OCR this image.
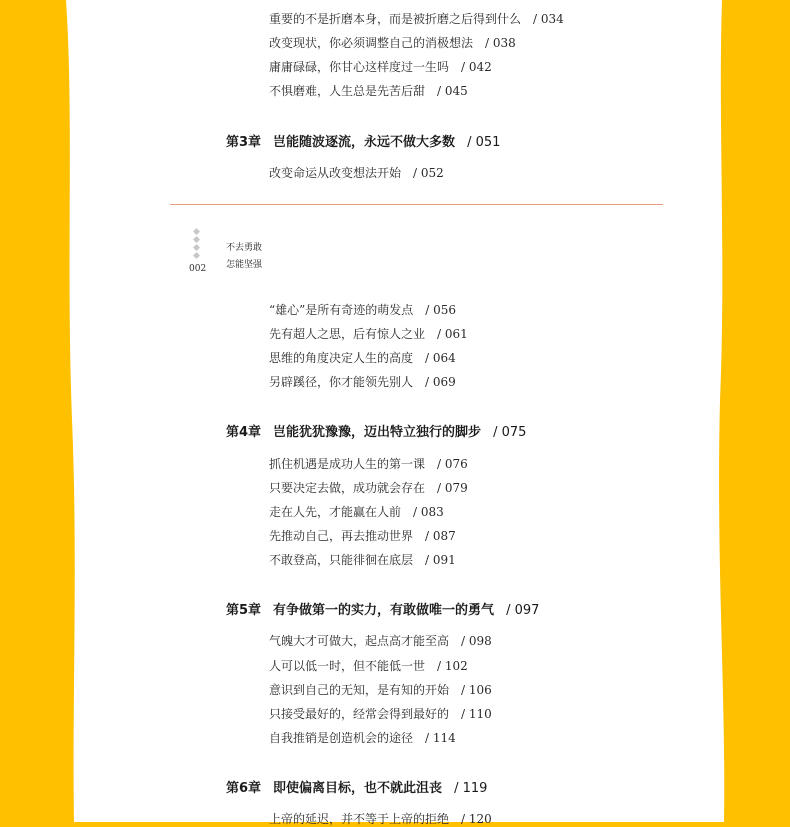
重要的不是折磨本身，而是被折磨之后得到什么 / 034
改变现状，你必须调整自己的消极想法 / 038
庸庸碌碌，你甘心这样度过一生吗 / 042
不惧磨难，人生总是先苦后甜 / 045
第3章 岂能随波逐流，永远不做大多数 / 051
改变命运从改变想法开始 / 052
002
不去勇敢
怎能坚强
“雄心”是所有奇迹的萌发点 / 056
先有超人之思，后有惊人之业 / 061
思维的角度决定人生的高度 / 064
另辟蹊径，你才能领先别人 / 069
第4章 岂能犹犹豫豫，迈出特立独行的脚步 / 075
抓住机遇是成功人生的第一课 / 076
只要决定去做，成功就会存在 / 079
走在人先，才能赢在人前 / 083
先推动自己，再去推动世界 / 087
不敢登高，只能徘徊在底层 / 091
第5章 有争做第一的实力，有敢做唯一的勇气 / 097
气魄大才可做大，起点高才能至高 / 098
人可以低一时，但不能低一世 / 102
意识到自己的无知，是有知的开始 / 106
只接受最好的，经常会得到最好的 / 110
自我推销是创造机会的途径 / 114
第6章 即使偏离目标，也不就此沮丧 / 119
上帝的延迟，并不等于上帝的拒绝 / 120
